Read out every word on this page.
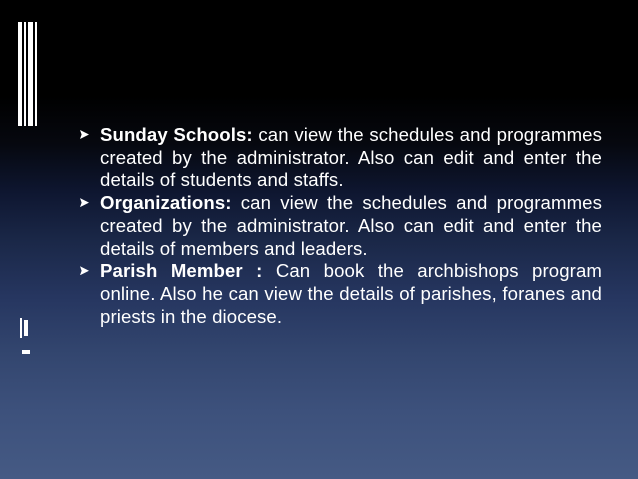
Sunday Schools: can view the schedules and programmes created by the administrator. Also can edit and enter the details of students and staffs.
Organizations: can view the schedules and programmes created by the administrator. Also can edit and enter the details of members and leaders.
Parish Member : Can book the archbishops program online. Also he can view the details of parishes, foranes and priests in the diocese.
